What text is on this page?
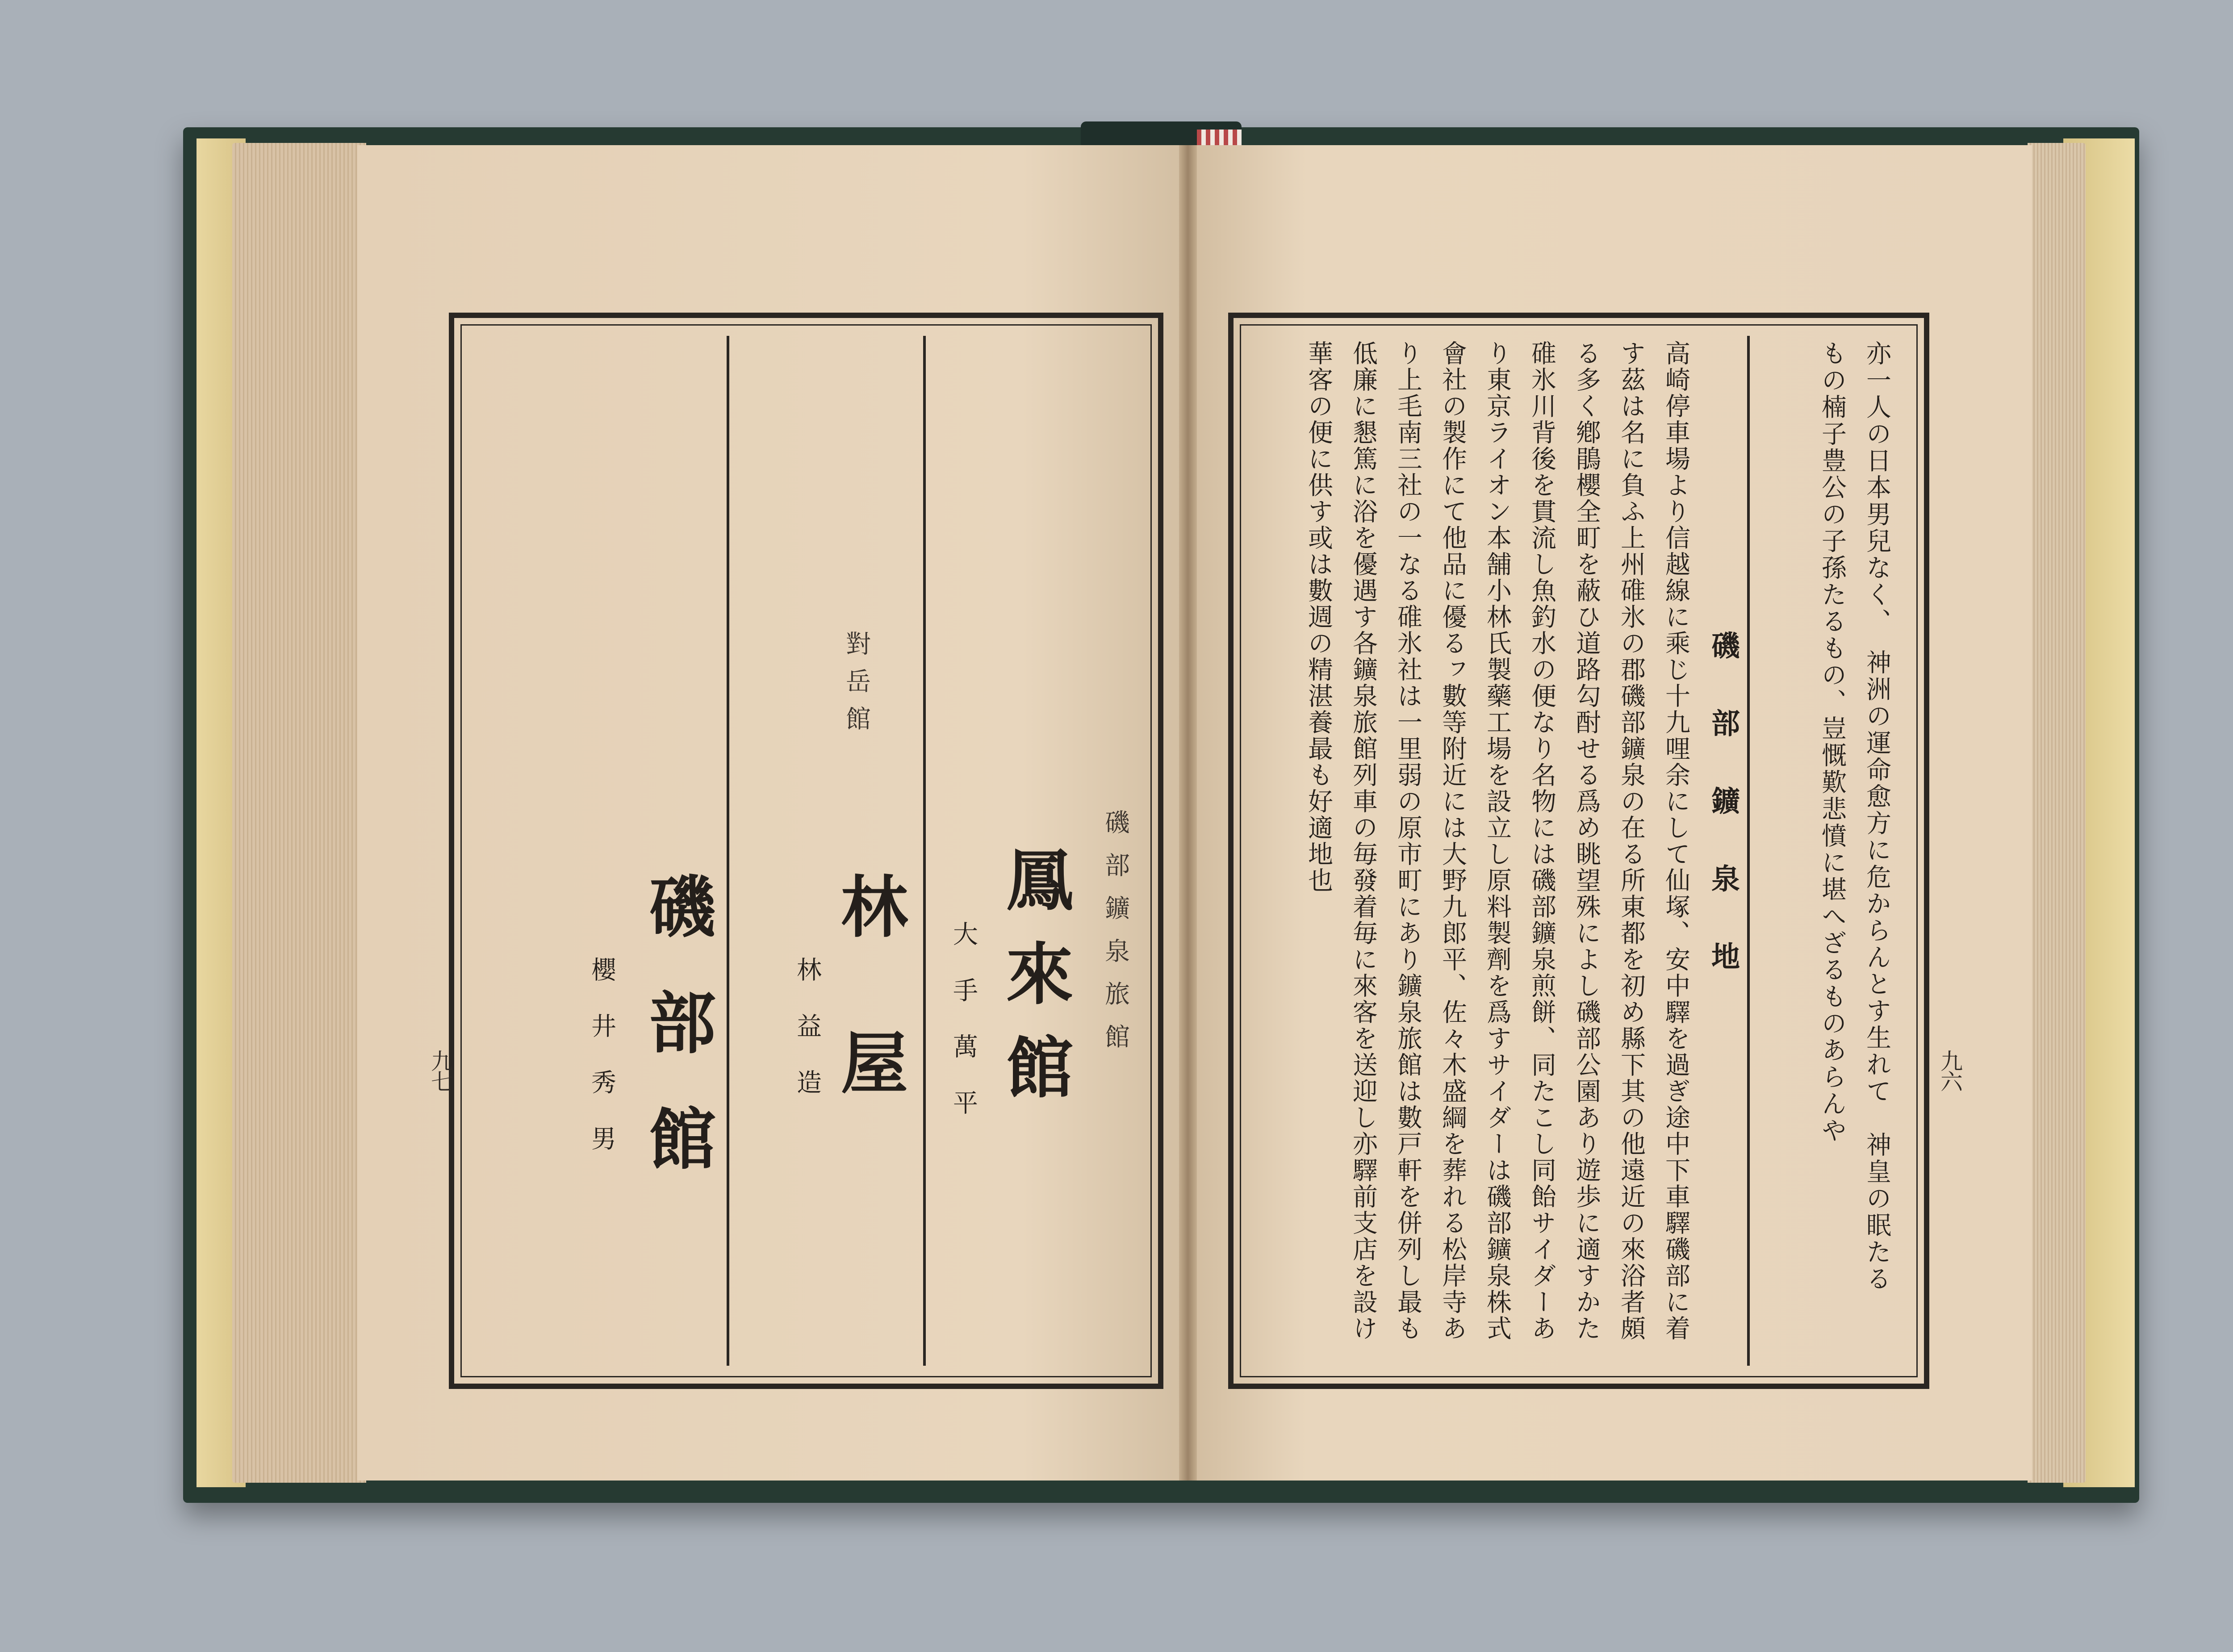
磯部鑛泉旅館
鳳來館
大手萬平
對岳館
林屋
林益造
磯部館
櫻井秀男
九七	亦一人の日本男兒なく、　神洲の運命愈方に危からんとす生れて　神皇の眠たる
もの楠子豊公の子孫たるもの、豈慨歎悲憤に堪へざるものあらんや
磯部鑛泉地
高崎停車場より信越線に乘じ十九哩余にして仙塚、安中驛を過ぎ途中下車驛磯部に着
す茲は名に負ふ上州碓氷の郡磯部鑛泉の在る所東都を初め縣下其の他遠近の來浴者頗
る多く鄕鵑櫻全町を蔽ひ道路勾酎せる爲め眺望殊によし磯部公園あり遊歩に適すかた
碓氷川背後を貫流し魚釣水の便なり名物には磯部鑛泉煎餅、同たこし同飴サイダーあ
り東京ライオン本舗小林氏製藥工場を設立し原料製劑を爲すサイダーは磯部鑛泉株式
會社の製作にて他品に優るㇷ數等附近には大野九郎平、佐々木盛綱を葬れる松岸寺あ
り上毛南三社の一なる碓氷社は一里弱の原市町にあり鑛泉旅館は數戸軒を併列し最も
低廉に懇篤に浴を優遇す各鑛泉旅館列車の毎發着毎に來客を送迎し亦驛前支店を設け
華客の便に供す或は數週の精湛養最も好適地也
九六
